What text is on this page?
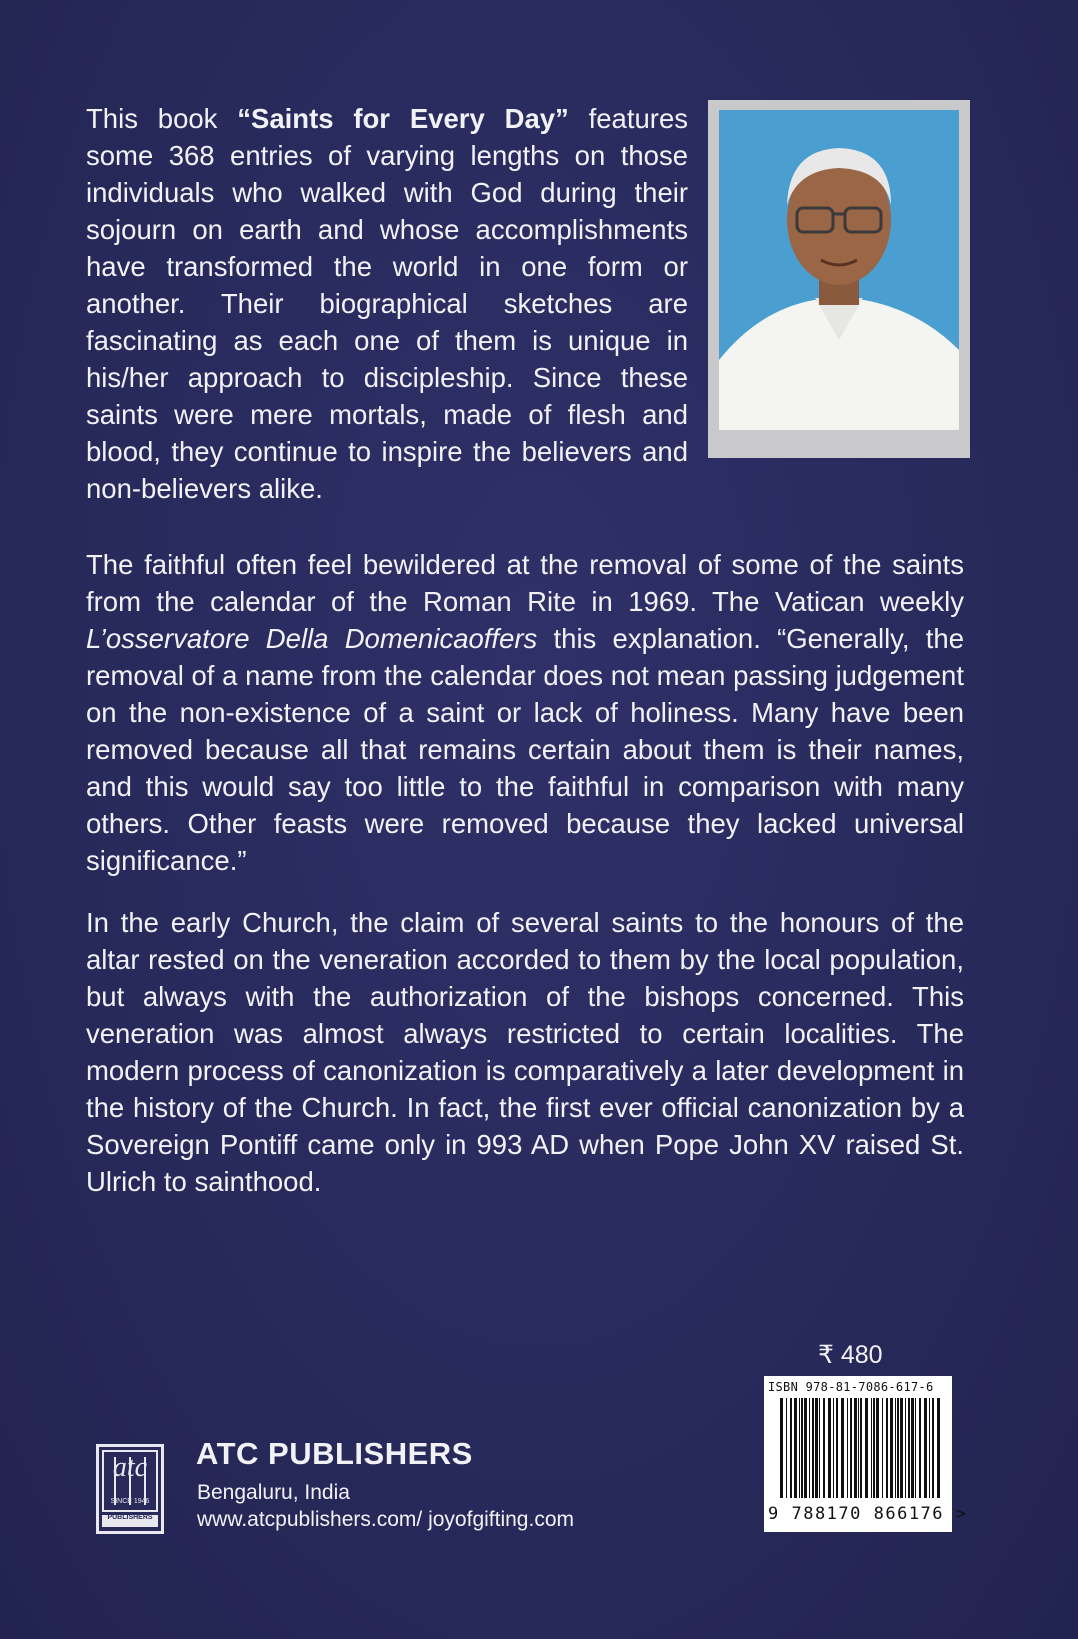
This book “Saints for Every Day” features some 368 entries of varying lengths on those individuals who walked with God during their sojourn on earth and whose accomplishments have transformed the world in one form or another. Their biographical sketches are fascinating as each one of them is unique in his/her approach to discipleship. Since these saints were mere mortals, made of flesh and blood, they continue to inspire the believers and non-believers alike.

The faithful often feel bewildered at the removal of some of the saints from the calendar of the Roman Rite in 1969. The Vatican weekly L’osservatore Della Domenicaoffers this explanation. “Generally, the removal of a name from the calendar does not mean passing judgement on the non-existence of a saint or lack of holiness. Many have been removed because all that remains certain about them is their names, and this would say too little to the faithful in comparison with many others. Other feasts were removed because they lacked universal significance.”

In the early Church, the claim of several saints to the honours of the altar rested on the veneration accorded to them by the local population, but always with the authorization of the bishops concerned. This veneration was almost always restricted to certain localities. The modern process of canonization is comparatively a later development in the history of the Church. In fact, the first ever official canonization by a Sovereign Pontiff came only in 993 AD when Pope John XV raised St. Ulrich to sainthood.

₹ 480
ISBN 978-81-7086-617-6
9 788170 866176 >
atc
SINCE 1946
PUBLISHERS
ATC PUBLISHERS
Bengaluru, India
www.atcpublishers.com/ joyofgifting.com
